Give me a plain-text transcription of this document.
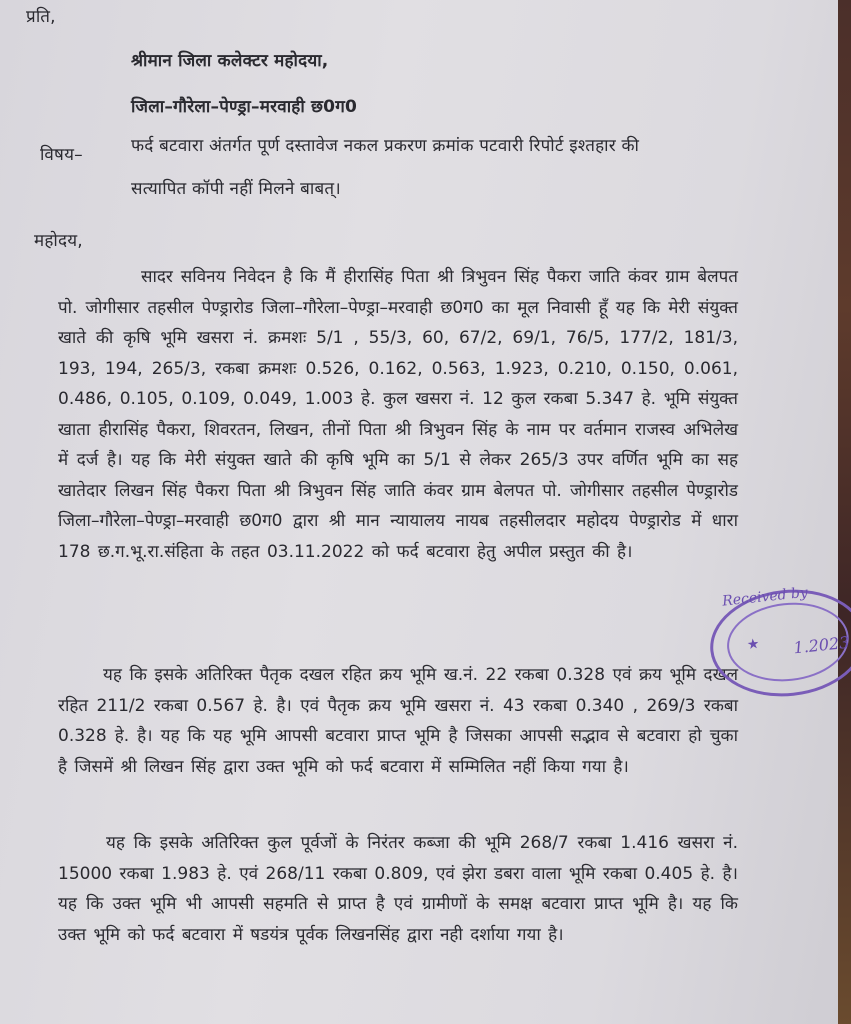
प्रति,
श्रीमान जिला कलेक्टर महोदया,
जिला–गौरेला–पेण्ड्रा–मरवाही छ0ग0
विषय–	फर्द बटवारा अंतर्गत पूर्ण दस्तावेज नकल प्रकरण क्रमांक पटवारी रिपोर्ट इश्तहार की
सत्यापित कॉपी नहीं मिलने बाबत्।
महोदय,
सादर सविनय निवेदन है कि मैं हीरासिंह पिता श्री त्रिभुवन सिंह पैकरा जाति कंवर ग्राम बेलपत पो. जोगीसार तहसील पेण्ड्रारोड जिला–गौरेला–पेण्ड्रा–मरवाही छ0ग0 का मूल निवासी हूँ यह कि मेरी संयुक्त खाते की कृषि भूमि खसरा नं. क्रमशः 5/1 , 55/3, 60, 67/2, 69/1, 76/5, 177/2, 181/3, 193, 194, 265/3, रकबा क्रमशः 0.526, 0.162, 0.563, 1.923, 0.210, 0.150, 0.061, 0.486, 0.105, 0.109, 0.049, 1.003 हे. कुल खसरा नं. 12 कुल रकबा 5.347 हे. भूमि संयुक्त खाता हीरासिंह पैकरा, शिवरतन, लिखन, तीनों पिता श्री त्रिभुवन सिंह के नाम पर वर्तमान राजस्व अभिलेख में दर्ज है। यह कि मेरी संयुक्त खाते की कृषि भूमि का 5/1 से लेकर 265/3 उपर वर्णित भूमि का सह खातेदार लिखन सिंह पैकरा पिता श्री त्रिभुवन सिंह जाति कंवर ग्राम बेलपत पो. जोगीसार तहसील पेण्ड्रारोड जिला–गौरेला–पेण्ड्रा–मरवाही छ0ग0 द्वारा श्री मान न्यायालय नायब तहसीलदार महोदय पेण्ड्रारोड में धारा 178 छ.ग.भू.रा.संहिता के तहत 03.11.2022 को फर्द बटवारा हेतु अपील प्रस्तुत की है।
यह कि इसके अतिरिक्त पैतृक दखल रहित क्रय भूमि ख.नं. 22 रकबा 0.328 एवं क्रय भूमि दखल रहित 211/2 रकबा 0.567 हे. है। एवं पैतृक क्रय भूमि खसरा नं. 43 रकबा 0.340 , 269/3 रकबा 0.328 हे. है। यह कि यह भूमि आपसी बटवारा प्राप्त भूमि है जिसका आपसी सद्भाव से बटवारा हो चुका है जिसमें श्री लिखन सिंह द्वारा उक्त भूमि को फर्द बटवारा में सम्मिलित नहीं किया गया है।
यह कि इसके अतिरिक्त कुल पूर्वजों के निरंतर कब्जा की भूमि 268/7 रकबा 1.416 खसरा नं. 15000 रकबा 1.983 हे. एवं 268/11 रकबा 0.809, एवं झेरा डबरा वाला भूमि रकबा 0.405 हे. है। यह कि उक्त भूमि भी आपसी सहमति से प्राप्त है एवं ग्रामीणों के समक्ष बटवारा प्राप्त भूमि है। यह कि उक्त भूमि को फर्द बटवारा में षडयंत्र पूर्वक लिखनसिंह द्वारा नही दर्शाया गया है।
Received by
★ 1.2023
